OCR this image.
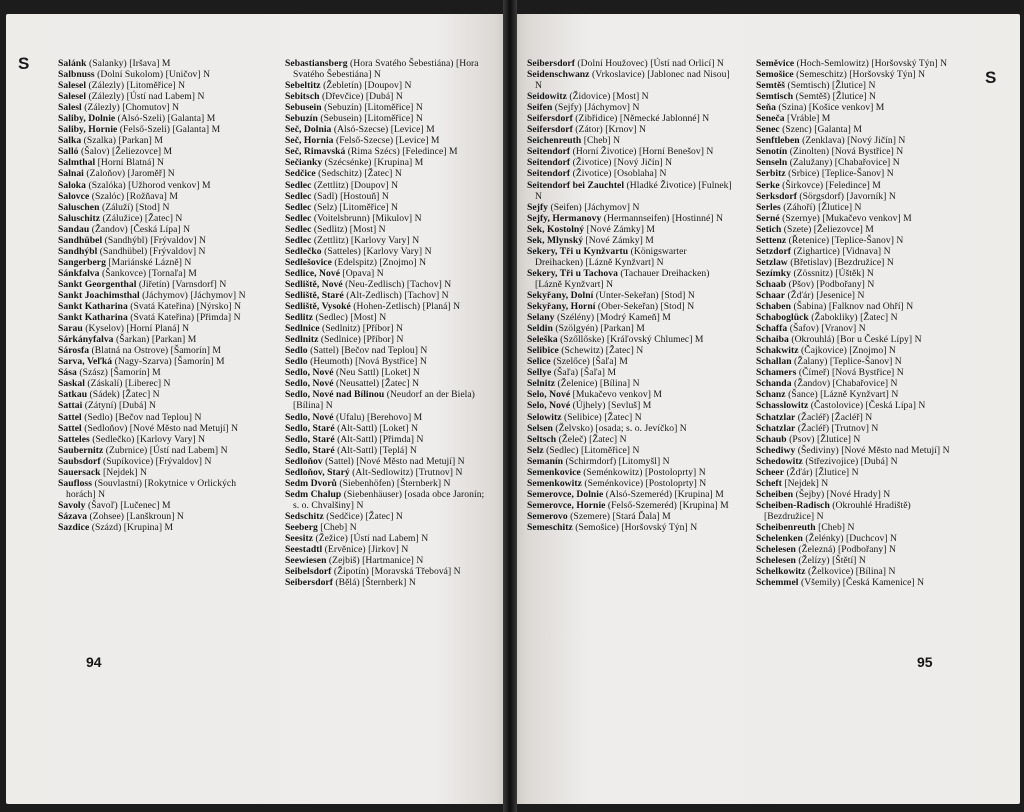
S	Salánk (Salanky) [Iršava] M
Salbnuss (Dolní Sukolom) [Uničov] N
Salesel (Zálezly) [Litoměřice] N
Salesel (Zálezly) [Ústí nad Labem] N
Salesl (Zálezly) [Chomutov] N
Saliby, Dolnie (Alsó-Szeli) [Galanta] M
Saliby, Hornie (Felső-Szeli) [Galanta] M
Salka (Szalka) [Parkan] M
Salló (Šalov) [Želiezovce] M
Salmthal [Horní Blatná] N
Salnai (Zaloňov) [Jaroměř] N
Saloka (Szalóka) [Užhorod venkov] M
Salovce (Szalóc) [Rožňava] M
Saluschen (Záluží) [Stod] N
Saluschitz (Zálužice) [Žatec] N
Sandau (Žandov) [Česká Lípa] N
Sandhübel (Sandhýbl) [Frývaldov] N
Sandhýbl (Sandhübel) [Frývaldov] N
Sangerberg [Mariánské Lázně] N
Sánkfalva (Šankovce) [Tornaľa] M
Sankt Georgenthal (Jiřetín) [Varnsdorf] N
Sankt Joachimsthal (Jáchymov) [Jáchymov] N
Sankt Katharina (Svatá Kateřina) [Nýrsko] N
Sankt Katharina (Svatá Kateřina) [Přimda] N
Sarau (Kyselov) [Horní Planá] N
Sárkányfalva (Šarkan) [Parkan] M
Sárosfa (Blatná na Ostrove) [Šamorín] M
Sarva, Veľká (Nagy-Szarva) [Šamorín] M
Sása (Szász) [Šamorín] M
Saskal (Záskalí) [Liberec] N
Satkau (Sádek) [Žatec] N
Sattai (Zátyní) [Dubá] N
Sattel (Sedlo) [Bečov nad Teplou] N
Sattel (Sedloňov) [Nové Město nad Metují] N
Satteles (Sedlečko) [Karlovy Vary] N
Saubernitz (Zubrnice) [Ústí nad Labem] N
Saubsdorf (Supíkovice) [Frývaldov] N
Sauersack [Nejdek] N
Saufloss (Souvlastní) [Rokytnice v Orlických horách] N
Savoly (Šavoľ) [Lučenec] M
Sázava (Zohsee) [Lanškroun] N
Sazdice (Százd) [Krupina] M
Sebastiansberg (Hora Svatého Šebestiána) [Hora Svatého Šebestiána] N
Sebeltitz (Žebletín) [Doupov] N
Sebitsch (Dřevčice) [Dubá] N
Sebusein (Sebuzín) [Litoměřice] N
Sebuzín (Sebusein) [Litoměřice] N
Seč, Dolnia (Alsó-Szecse) [Levice] M
Seč, Hornia (Felső-Szecse) [Levice] M
Seč, Rimavská (Rima Szécs) [Feledince] M
Sečianky (Szécsénke) [Krupina] M
Sedčice (Sedschitz) [Žatec] N
Sedlec (Zettlitz) [Doupov] N
Sedlec (Sadl) [Hostouň] N
Sedlec (Selz) [Litoměřice] N
Sedlec (Voitelsbrunn) [Mikulov] N
Sedlec (Sedlitz) [Most] N
Sedlec (Zettlitz) [Karlovy Vary] N
Sedlečko (Satteles) [Karlovy Vary] N
Sedlešovice (Edelspitz) [Znojmo] N
Sedlice, Nové [Opava] N
Sedliště, Nové (Neu-Zedlisch) [Tachov] N
Sedliště, Staré (Alt-Zedlisch) [Tachov] N
Sedliště, Vysoké (Hohen-Zetlisch) [Planá] N
Sedlitz (Sedlec) [Most] N
Sedlnice (Sedlnitz) [Příbor] N
Sedlnitz (Sedlnice) [Příbor] N
Sedlo (Sattel) [Bečov nad Teplou] N
Sedlo (Heumoth) [Nová Bystřice] N
Sedlo, Nové (Neu Sattl) [Loket] N
Sedlo, Nové (Neusattel) [Žatec] N
Sedlo, Nové nad Bílinou (Neudorf an der Biela) [Bílina] N
Sedlo, Nové (Ufalu) [Berehovo] M
Sedlo, Staré (Alt-Sattl) [Loket] N
Sedlo, Staré (Alt-Sattl) [Přimda] N
Sedlo, Staré (Alt-Sattl) [Teplá] N
Sedloňov (Sattel) [Nové Město nad Metují] N
Sedloňov, Starý (Alt-Sedlowitz) [Trutnov] N
Sedm Dvorů (Siebenhöfen) [Šternberk] N
Sedm Chalup (Siebenhäuser) [osada obce Jaronín; s. o. Chvalšiny] N
Sedschitz (Sedčice) [Žatec] N
Seeberg [Cheb] N
Seesitz (Žežice) [Ústí nad Labem] N
Seestadtl (Ervěnice) [Jirkov] N
Seewiesen (Zejbiš) [Hartmanice] N
Seibelsdorf (Žipotín) [Moravská Třebová] N
Seibersdorf (Bělá) [Šternberk] N
94
Seibersdorf (Dolní Houžovec) [Ústí nad Orlicí] N
Seidenschwanz (Vrkoslavice) [Jablonec nad Nisou] N
Seidowitz (Židovice) [Most] N
Seifen (Sejfy) [Jáchymov] N
Seifersdorf (Zibřidice) [Německé Jablonné] N
Seifersdorf (Zátor) [Krnov] N
Seichenreuth [Cheb] N
Seitendorf (Horní Životice) [Horní Benešov] N
Seitendorf (Životice) [Nový Jičín] N
Seitendorf (Životice) [Osoblaha] N
Seitendorf bei Zauchtel (Hladké Životice) [Fulnek] N
Sejfy (Seifen) [Jáchymov] N
Sejfy, Hermanovy (Hermannseifen) [Hostinné] N
Sek, Kostolný [Nové Zámky] M
Sek, Mlynský [Nové Zámky] M
Sekery, Tři u Kynžvartu (Königswarter Dreihacken) [Lázně Kynžvart] N
Sekery, Tři u Tachova (Tachauer Dreihacken) [Lázně Kynžvart] N
Sekyřany, Dolní (Unter-Sekeřan) [Stod] N
Sekyřany, Horní (Ober-Sekeřan) [Stod] N
Selany (Szélény) [Modrý Kameň] M
Seldin (Szölgyén) [Parkan] M
Seleška (Szőllőske) [Kráľovský Chlumec] M
Selibice (Schewitz) [Žatec] N
Selice (Szelőce) [Šaľa] M
Sellye (Šaľa) [Šaľa] M
Selnitz (Želenice) [Bílina] N
Selo, Nové [Mukačevo venkov] M
Selo, Nové (Újhely) [Sevluš] M
Selowitz (Selibice) [Žatec] N
Selsen (Želvsko) [osada; s. o. Jevíčko] N
Seltsch (Želeč) [Žatec] N
Selz (Sedlec) [Litoměřice] N
Semanín (Schirmdorf) [Litomyšl] N
Semenkovice (Seménkowitz) [Postoloprty] N
Semenkowitz (Seménkovice) [Postoloprty] N
Semerovce, Dolnie (Alsó-Szemeréd) [Krupina] M
Semerovce, Hornie (Felső-Szemeréd) [Krupina] M
Semerovo (Szemere) [Stará Ďala] M
Semeschitz (Semošice) [Horšovský Týn] N
Seměvice (Hoch-Semlowitz) [Horšovský Týn] N
Semošice (Semeschitz) [Horšovský Týn] N
Semtěš (Semtisch) [Žlutice] N
Semtisch (Semtěš) [Žlutice] N
Seňa (Szina) [Košice venkov] M
Seneča [Vráble] M
Senec (Szenc) [Galanta] M
Senftleben (Zenklava) [Nový Jičín] N
Senotín (Zinolten) [Nová Bystřice] N
Senseln (Zalužany) [Chabařovice] N
Serbitz (Srbice) [Teplice-Šanov] N
Serke (Širkovce) [Feledince] M
Serksdorf (Sörgsdorf) [Javorník] N
Serles (Záhoří) [Žlutice] N
Serné (Szernye) [Mukačevo venkov] M
Setich (Szete) [Želiezovce] M
Settenz (Řetenice) [Teplice-Šanov] N
Setzdorf (Zighartice) [Vidnava] N
Setzlaw (Břetislav) [Bezdružice] N
Sezímky (Zössnitz) [Úštěk] N
Schaab (Pšov) [Podbořany] N
Schaar (Žďár) [Jesenice] N
Schaben (Šabina) [Falknov nad Ohří] N
Schaboglück (Žabokliky) [Žatec] N
Schaffa (Šafov) [Vranov] N
Schaiba (Okrouhlá) [Bor u České Lípy] N
Schakwitz (Čajkovice) [Znojmo] N
Schallan (Žalany) [Teplice-Šanov] N
Schamers (Čímeř) [Nová Bystřice] N
Schanda (Žandov) [Chabařovice] N
Schanz (Šance) [Lázně Kynžvart] N
Schasslowitz (Častolovice) [Česká Lípa] N
Schatzlar (Žacléř) [Žacléř] N
Schatzlar (Žacléř) [Trutnov] N
Schaub (Psov) [Žlutice] N
Schediwy (Šediviny) [Nové Město nad Metují] N
Schedowitz (Střezivojice) [Dubá] N
Scheer (Žďár) [Žlutice] N
Scheft [Nejdek] N
Scheiben (Šejby) [Nové Hrady] N
Scheiben-Radisch (Okrouhlé Hradiště) [Bezdružice] N
Scheibenreuth [Cheb] N
Schelenken (Želénky) [Duchcov] N
Schelesen (Železná) [Podbořany] N
Schelesen (Želízy) [Štětí] N
Schelkowitz (Želkovice) [Bílina] N
Schemmel (Všemily) [Česká Kamenice] N
S
95
